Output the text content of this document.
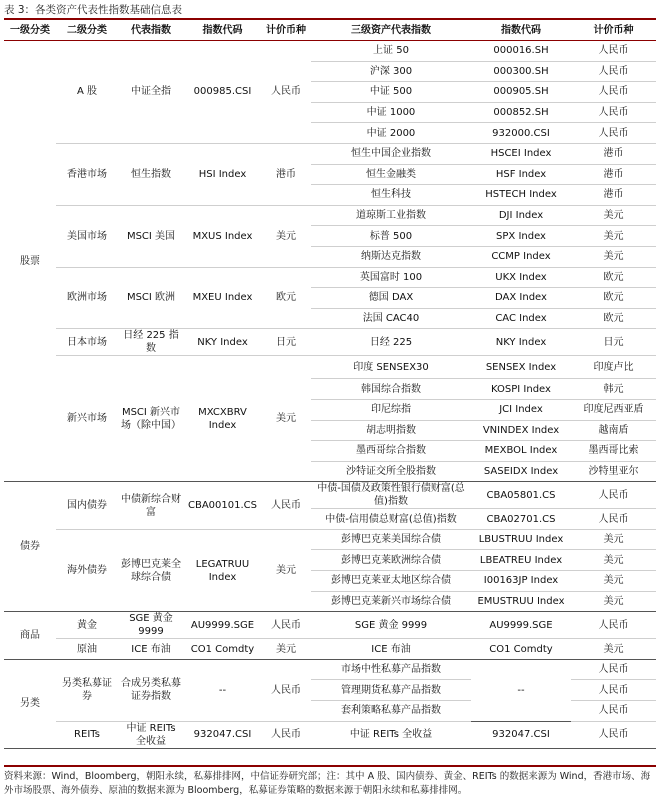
表 3：各类资产代表性指数基础信息表
一级分类	二级分类	代表指数	指数代码	计价币种	三级资产代表指数	指数代码	计价币种
股票	A 股	中证全指	000985.CSI	人民币	上证 50	000016.SH	人民币
					沪深 300	000300.SH	人民币
					中证 500	000905.SH	人民币
					中证 1000	000852.SH	人民币
					中证 2000	932000.CSI	人民币
	香港市场	恒生指数	HSI Index	港币	恒生中国企业指数	HSCEI Index	港币
					恒生金融类	HSF Index	港币
					恒生科技	HSTECH Index	港币
	美国市场	MSCI 美国	MXUS Index	美元	道琼斯工业指数	DJI Index	美元
					标普 500	SPX Index	美元
					纳斯达克指数	CCMP Index	美元
	欧洲市场	MSCI 欧洲	MXEU Index	欧元	英国富时 100	UKX Index	欧元
					德国 DAX	DAX Index	欧元
					法国 CAC40	CAC Index	欧元
	日本市场	日经 225 指数	NKY Index	日元	日经 225	NKY Index	日元
	新兴市场	MSCI 新兴市场（除中国）	MXCXBRV Index	美元	印度 SENSEX30	SENSEX Index	印度卢比
					韩国综合指数	KOSPI Index	韩元
					印尼综指	JCI Index	印度尼西亚盾
					胡志明指数	VNINDEX Index	越南盾
					墨西哥综合指数	MEXBOL Index	墨西哥比索
					沙特证交所全股指数	SASEIDX Index	沙特里亚尔
债券	国内债券	中债新综合财富	CBA00101.CS	人民币	中债-国债及政策性银行债财富(总值)指数	CBA05801.CS	人民币
					中债-信用债总财富(总值)指数	CBA02701.CS	人民币
	海外债券	彭博巴克莱全球综合债	LEGATRUU Index	美元	彭博巴克莱美国综合债	LBUSTRUU Index	美元
					彭博巴克莱欧洲综合债	LBEATREU Index	美元
					彭博巴克莱亚太地区综合债	I00163JP Index	美元
					彭博巴克莱新兴市场综合债	EMUSTRUU Index	美元
商品	黄金	SGE 黄金 9999	AU9999.SGE	人民币	SGE 黄金 9999	AU9999.SGE	人民币
	原油	ICE 布油	CO1 Comdty	美元	ICE 布油	CO1 Comdty	美元
另类	另类私募证券	合成另类私募证券指数	--	人民币	市场中性私募产品指数	--	人民币
					管理期货私募产品指数		人民币
					套利策略私募产品指数		人民币
	REITs	中证 REITs 全收益	932047.CSI	人民币	中证 REITs 全收益	932047.CSI	人民币
资料来源：Wind，Bloomberg，朝阳永续，私募排排网，中信证券研究部；注：其中 A 股、国内债券、黄金、REITs 的数据来源为 Wind，香港市场、海外市场股票、海外债券、原油的数据来源为 Bloomberg，私募证券策略的数据来源于朝阳永续和私募排排网。
